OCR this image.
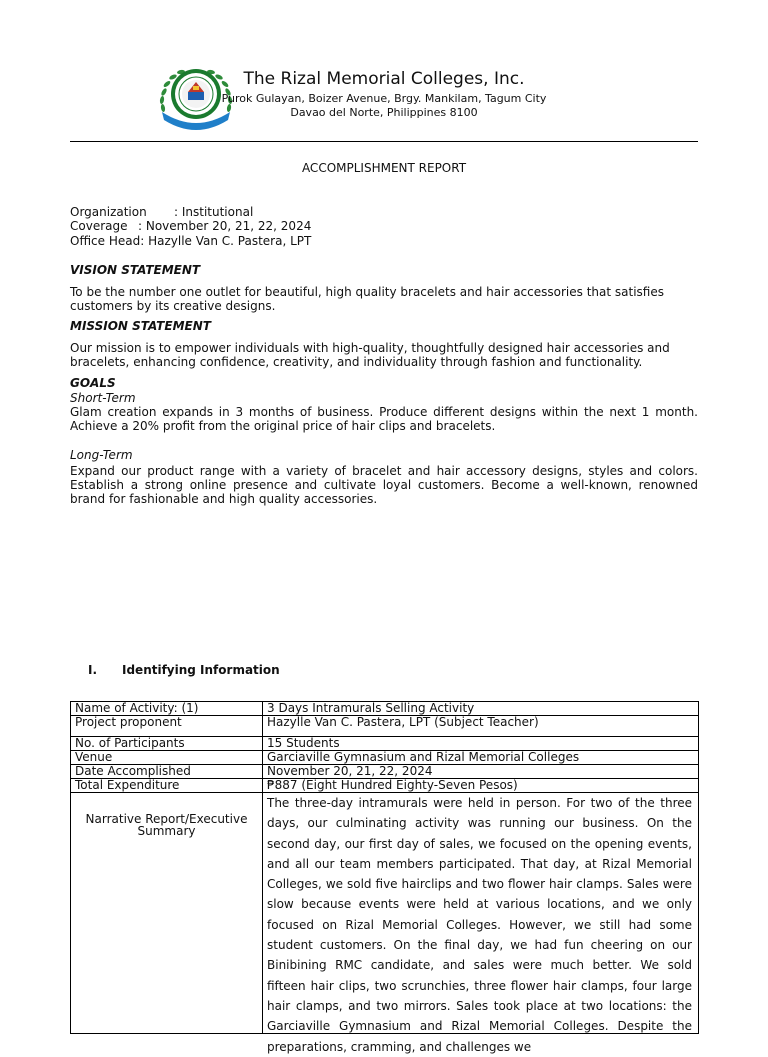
The Rizal Memorial Colleges, Inc.
Purok Gulayan, Boizer Avenue, Brgy. Mankilam, Tagum City
Davao del Norte, Philippines 8100
ACCOMPLISHMENT REPORT
Organization : Institutional
Coverage : November 20, 21, 22, 2024
Office Head: Hazylle Van C. Pastera, LPT
VISION STATEMENT
To be the number one outlet for beautiful, high quality bracelets and hair accessories that satisfies customers by its creative designs.
MISSION STATEMENT
Our mission is to empower individuals with high-quality, thoughtfully designed hair accessories and bracelets, enhancing confidence, creativity, and individuality through fashion and functionality.
GOALS
Short-Term
Glam creation expands in 3 months of business. Produce different designs within the next 1 month. Achieve a 20% profit from the original price of hair clips and bracelets.
Long-Term
Expand our product range with a variety of bracelet and hair accessory designs, styles and colors. Establish a strong online presence and cultivate loyal customers. Become a well-known, renowned brand for fashionable and high quality accessories.
I. Identifying Information
Name of Activity: (1)	3 Days Intramurals Selling Activity
Project proponent	Hazylle Van C. Pastera, LPT (Subject Teacher)
No. of Participants	15 Students
Venue	Garciaville Gymnasium and Rizal Memorial Colleges
Date Accomplished	November 20, 21, 22, 2024
Total Expenditure	₱887 (Eight Hundred Eighty-Seven Pesos)

Narrative Report/Executive Summary	The three-day intramurals were held in person. For two of the three days, our culminating activity was running our business. On the second day, our first day of sales, we focused on the opening events, and all our team members participated. That day, at Rizal Memorial Colleges, we sold five hairclips and two flower hair clamps. Sales were slow because events were held at various locations, and we only focused on Rizal Memorial Colleges. However, we still had some student customers. On the final day, we had fun cheering on our Binibining RMC candidate, and sales were much better. We sold fifteen hair clips, two scrunchies, three flower hair clamps, four large hair clamps, and two mirrors. Sales took place at two locations: the Garciaville Gymnasium and Rizal Memorial Colleges. Despite the preparations, cramming, and challenges we
